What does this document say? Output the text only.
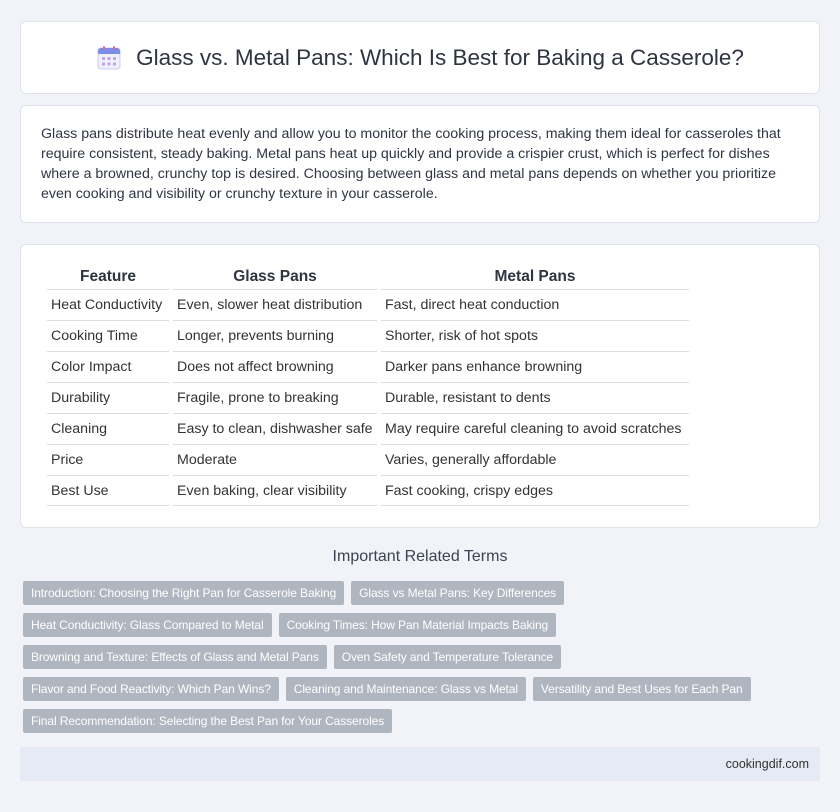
Glass vs. Metal Pans: Which Is Best for Baking a Casserole?

Glass pans distribute heat evenly and allow you to monitor the cooking process, making them ideal for casseroles that require consistent, steady baking. Metal pans heat up quickly and provide a crispier crust, which is perfect for dishes where a browned, crunchy top is desired. Choosing between glass and metal pans depends on whether you prioritize even cooking and visibility or crunchy texture in your casserole.

Feature	Glass Pans	Metal Pans
Heat Conductivity	Even, slower heat distribution	Fast, direct heat conduction
Cooking Time	Longer, prevents burning	Shorter, risk of hot spots
Color Impact	Does not affect browning	Darker pans enhance browning
Durability	Fragile, prone to breaking	Durable, resistant to dents
Cleaning	Easy to clean, dishwasher safe	May require careful cleaning to avoid scratches
Price	Moderate	Varies, generally affordable
Best Use	Even baking, clear visibility	Fast cooking, crispy edges
Important Related Terms
Introduction: Choosing the Right Pan for Casserole Baking	Glass vs Metal Pans: Key Differences
Heat Conductivity: Glass Compared to Metal	Cooking Times: How Pan Material Impacts Baking
Browning and Texture: Effects of Glass and Metal Pans	Oven Safety and Temperature Tolerance
Flavor and Food Reactivity: Which Pan Wins?	Cleaning and Maintenance: Glass vs Metal	Versatility and Best Uses for Each Pan
Final Recommendation: Selecting the Best Pan for Your Casseroles
cookingdif.com
